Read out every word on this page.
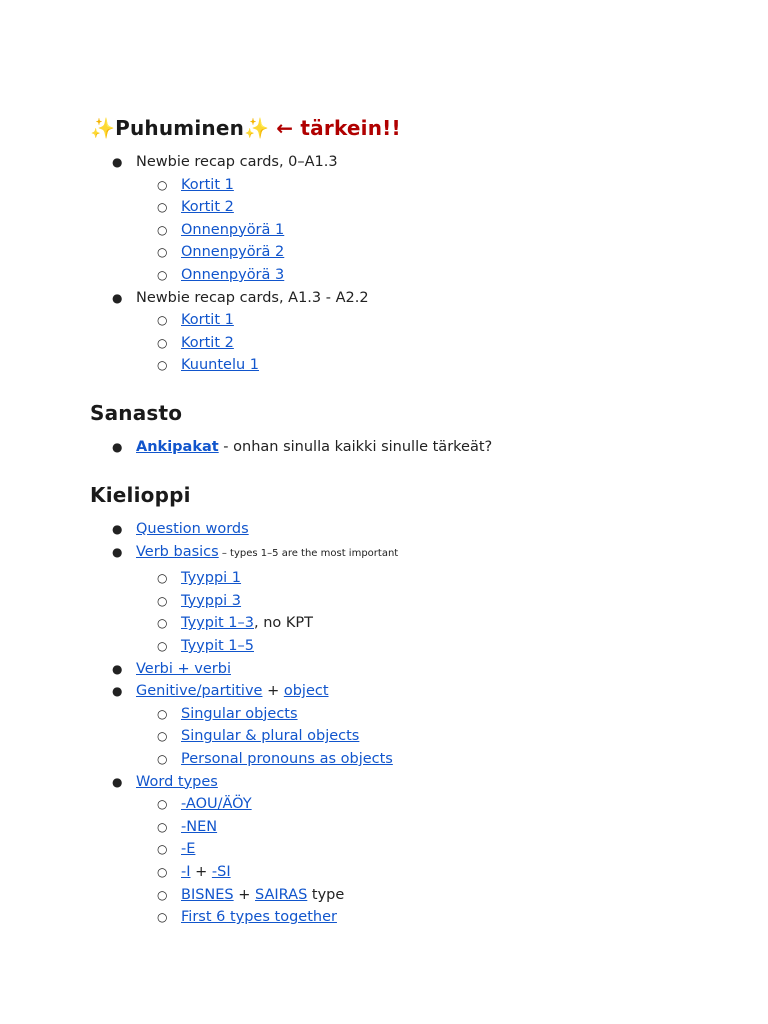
✨Puhuminen✨ ← tärkein!!
● Newbie recap cards, 0–A1.3
○ Kortit 1
○ Kortit 2
○ Onnenpyörä 1
○ Onnenpyörä 2
○ Onnenpyörä 3
● Newbie recap cards, A1.3 - A2.2
○ Kortit 1
○ Kortit 2
○ Kuuntelu 1
Sanasto
● Ankipakat - onhan sinulla kaikki sinulle tärkeät?
Kielioppi
● Question words
● Verb basics – types 1–5 are the most important
○ Tyyppi 1
○ Tyyppi 3
○ Tyypit 1–3, no KPT
○ Tyypit 1–5
● Verbi + verbi
● Genitive/partitive + object
○ Singular objects
○ Singular & plural objects
○ Personal pronouns as objects
● Word types
○ -AOU/ÄÖY
○ -NEN
○ -E
○ -I + -SI
○ BISNES + SAIRAS type
○ First 6 types together
